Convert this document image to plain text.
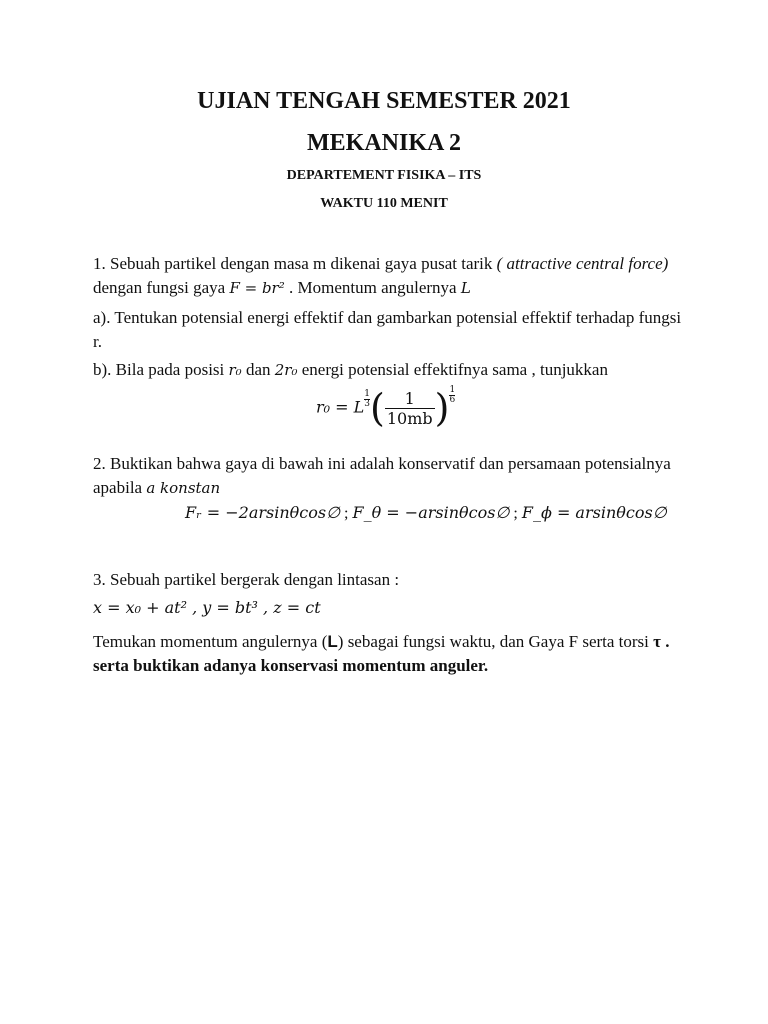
UJIAN TENGAH SEMESTER 2021
MEKANIKA 2
DEPARTEMENT FISIKA – ITS
WAKTU 110 MENIT
1. Sebuah partikel dengan masa m dikenai gaya pusat tarik ( attractive central force) dengan fungsi gaya F = br² . Momentum angulernya L
a). Tentukan potensial energi effektif dan gambarkan potensial effektif terhadap fungsi r.
b). Bila pada posisi r₀ dan 2r₀ energi potensial effektifnya sama , tunjukkan
r₀ = L $\frac{1}{3}$ ( $\frac{1}{10mb}$ ) $\frac{1}{6}$
2. Buktikan bahwa gaya di bawah ini adalah konservatif dan persamaan potensialnya apabila a konstan
Fᵣ = −2arsinθcos∅ ; F_θ = −arsinθcos∅ ; F_ϕ = arsinθcos∅
3. Sebuah partikel bergerak dengan lintasan :
x = x₀ + at² , y = bt³ , z = ct
Temukan momentum angulernya (L) sebagai fungsi waktu, dan Gaya F serta torsi τ . serta buktikan adanya konservasi momentum anguler.
